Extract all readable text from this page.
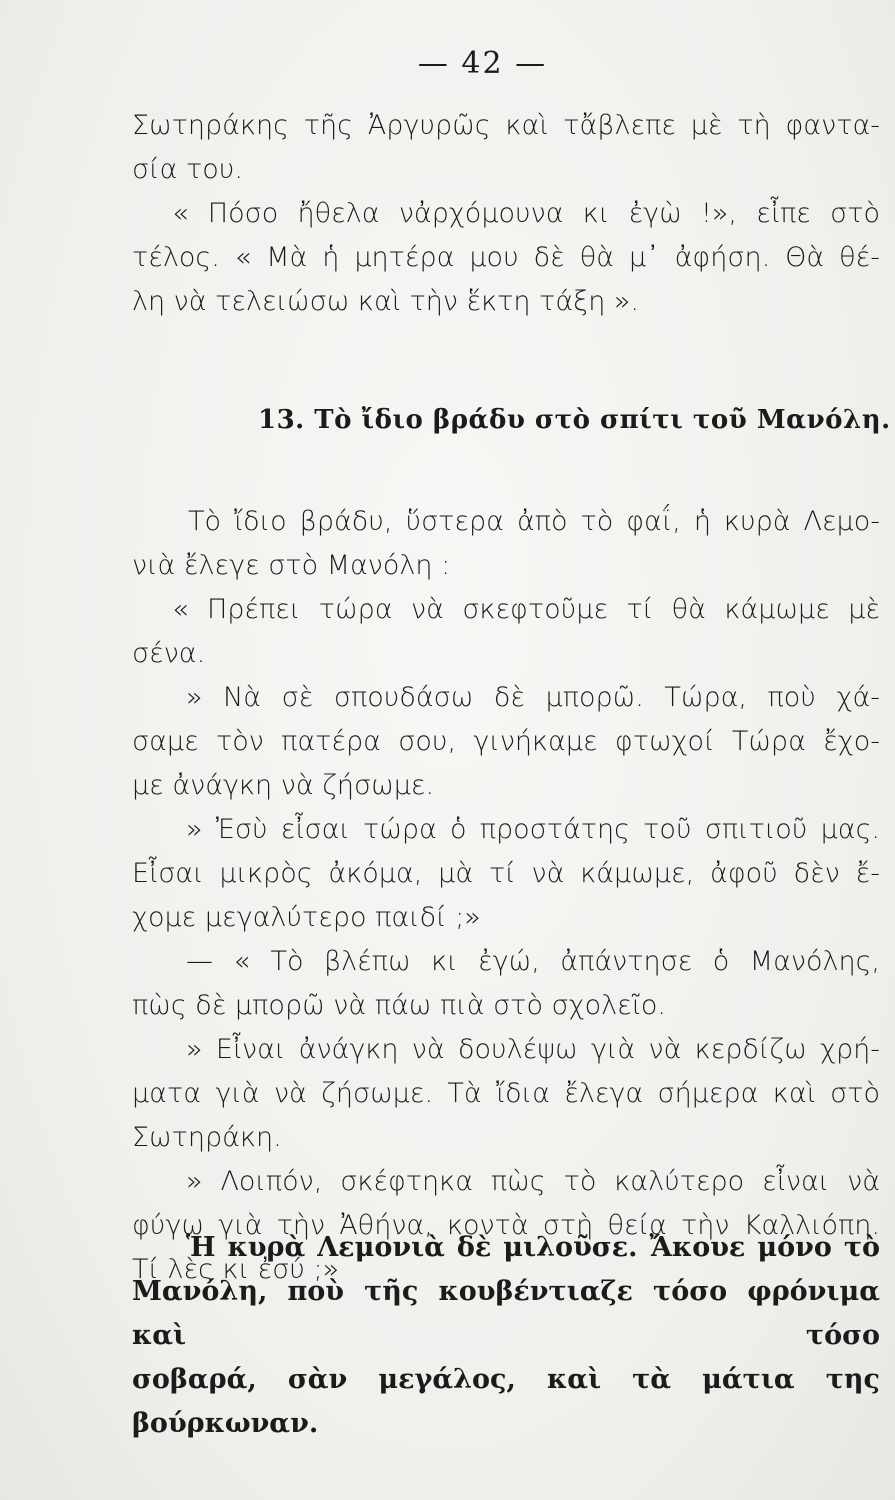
— 42 —
Σωτηράκης τῆς Ἀργυρῶς καὶ τἄβλεπε μὲ τὴ φαντα-
σία του.
« Πόσο ἤθελα νἀρχόμουνα κι ἐγὼ !», εἶπε στὸ
τέλος. « Μὰ ἡ μητέρα μου δὲ θὰ μ᾿ ἀφήση. Θὰ θέ-
λη νὰ τελειώσω καὶ τὴν ἕκτη τάξη ».
13. Τὸ ἴδιο βράδυ στὸ σπίτι τοῦ Μανόλη.
Τὸ ἴδιο βράδυ, ὕστερα ἀπὸ τὸ φαΐ, ἡ κυρὰ Λεμο-
νιὰ ἔλεγε στὸ Μανόλη :
« Πρέπει τώρα νὰ σκεφτοῦμε τί θὰ κάμωμε μὲ
σένα.
» Νὰ σὲ σπουδάσω δὲ μπορῶ. Τώρα, ποὺ χά-
σαμε τὸν πατέρα σου, γινήκαμε φτωχοί Τώρα ἔχο-
με ἀνάγκη νὰ ζήσωμε.
» Ἐσὺ εἶσαι τώρα ὁ προστάτης τοῦ σπιτιοῦ μας.
Εἶσαι μικρὸς ἀκόμα, μὰ τί νὰ κάμωμε, ἀφοῦ δὲν ἔ-
χομε μεγαλύτερο παιδί ;»
— « Τὸ βλέπω κι ἐγώ, ἀπάντησε ὁ Μανόλης,
πὼς δὲ μπορῶ νὰ πάω πιὰ στὸ σχολεῖο.
» Εἶναι ἀνάγκη νὰ δουλέψω γιὰ νὰ κερδίζω χρή-
ματα γιὰ νὰ ζήσωμε. Τὰ ἴδια ἔλεγα σήμερα καὶ στὸ
Σωτηράκη.
» Λοιπόν, σκέφτηκα πὼς τὸ καλύτερο εἶναι νὰ
φύγω γιὰ τὴν Ἀθήνα, κοντὰ στὴ θεία τὴν Καλλιόπη.
Τί λὲς κι ἐσύ ;»
Ἡ κυρὰ Λεμονιὰ δὲ μιλοῦσε. Ἄκουε μόνο τὸ
Μανόλη, ποὺ τῆς κουβέντιαζε τόσο φρόνιμα καὶ τόσο
σοβαρά, σὰν μεγάλος, καὶ τὰ μάτια της βούρκωναν.
